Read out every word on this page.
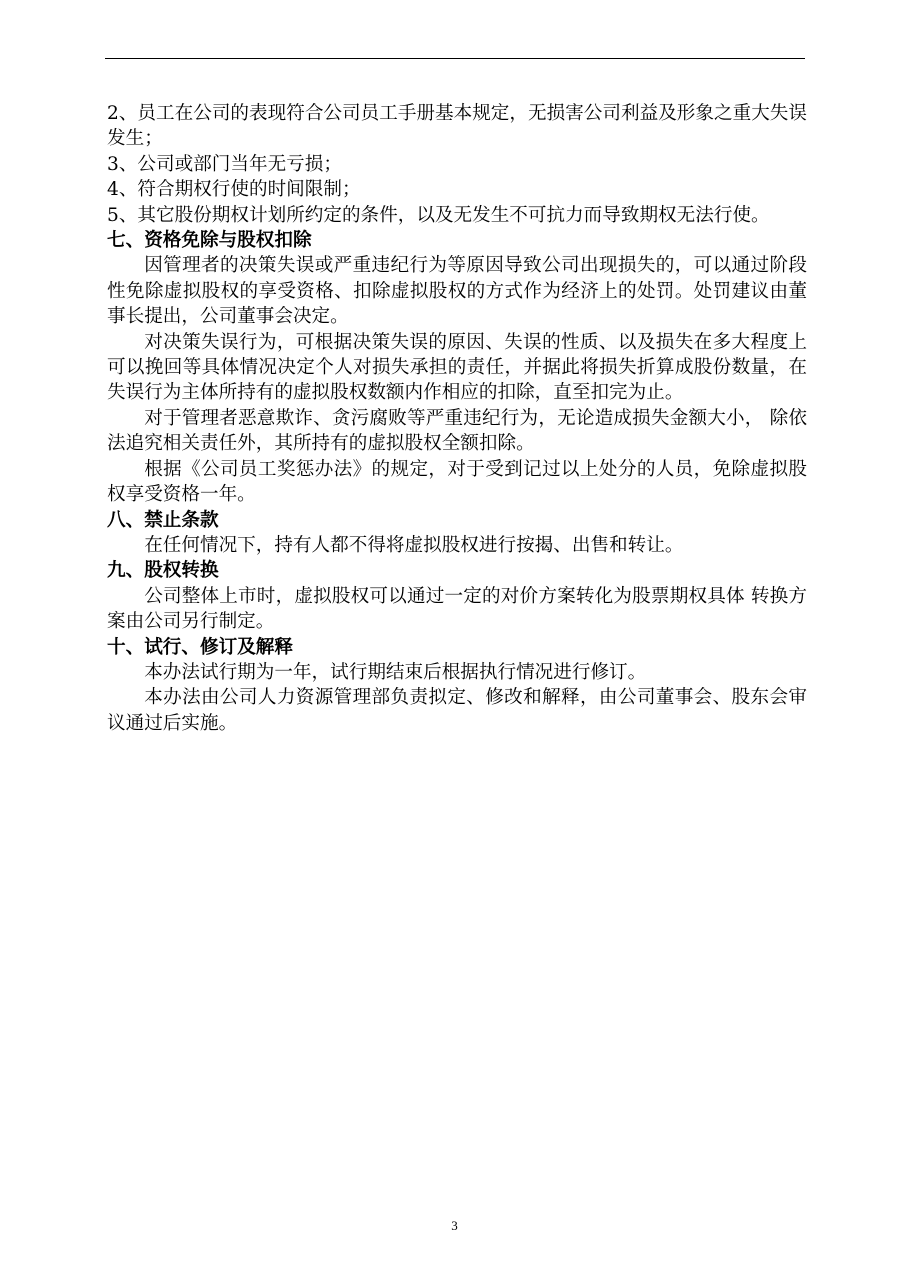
2、员工在公司的表现符合公司员工手册基本规定，无损害公司利益及形象之重大失误发生；

3、公司或部门当年无亏损；

4、符合期权行使的时间限制；

5、其它股份期权计划所约定的条件，以及无发生不可抗力而导致期权无法行使。

七、资格免除与股权扣除

因管理者的决策失误或严重违纪行为等原因导致公司出现损失的，可以通过阶段性免除虚拟股权的享受资格、扣除虚拟股权的方式作为经济上的处罚。处罚建议由董事长提出，公司董事会决定。

对决策失误行为，可根据决策失误的原因、失误的性质、以及损失在多大程度上可以挽回等具体情况决定个人对损失承担的责任，并据此将损失折算成股份数量，在失误行为主体所持有的虚拟股权数额内作相应的扣除，直至扣完为止。

对于管理者恶意欺诈、贪污腐败等严重违纪行为，无论造成损失金额大小， 除依法追究相关责任外，其所持有的虚拟股权全额扣除。

根据《公司员工奖惩办法》的规定，对于受到记过以上处分的人员，免除虚拟股权享受资格一年。

八、禁止条款

在任何情况下，持有人都不得将虚拟股权进行按揭、出售和转让。

九、股权转换

公司整体上市时，虚拟股权可以通过一定的对价方案转化为股票期权具体 转换方案由公司另行制定。

十、试行、修订及解释

本办法试行期为一年，试行期结束后根据执行情况进行修订。

本办法由公司人力资源管理部负责拟定、修改和解释，由公司董事会、股东会审议通过后实施。

3
